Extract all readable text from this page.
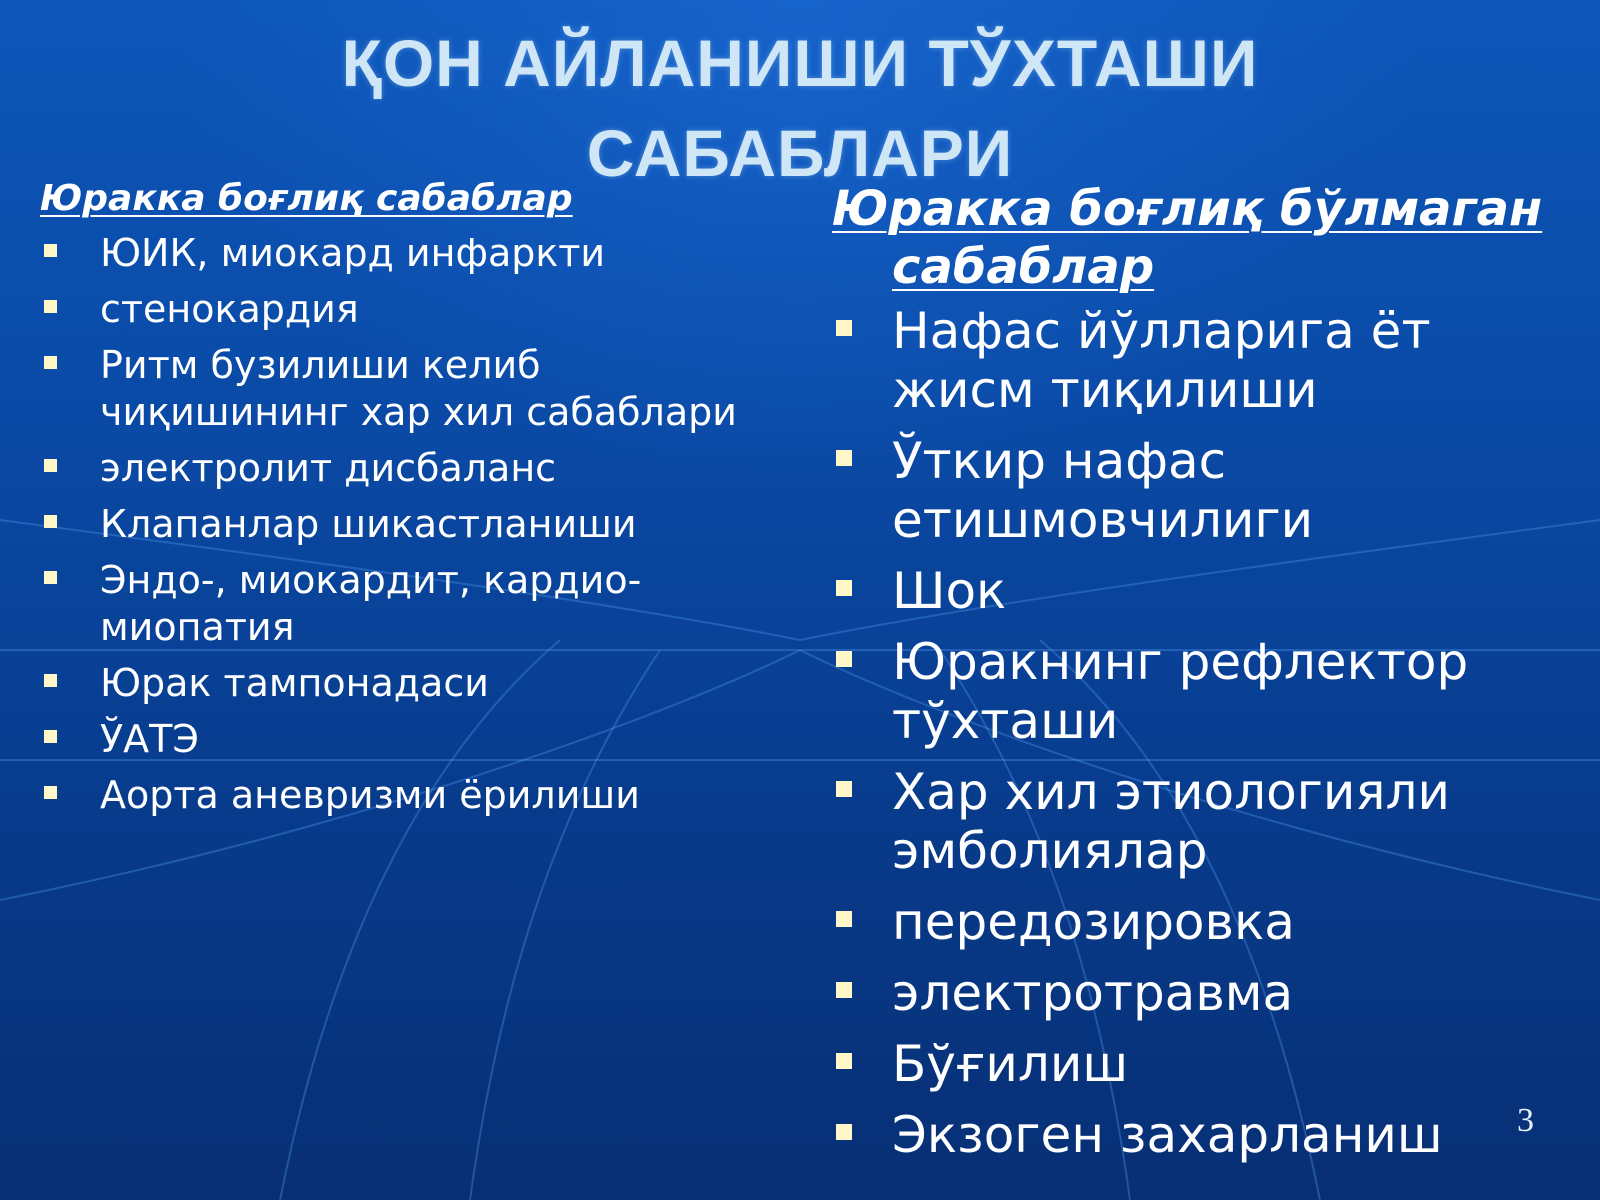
ҚОН АЙЛАНИШИ ТЎХТАШИ
САБАБЛАРИ
Юракка боғлиқ сабаблар
ЮИК, миокард инфаркти
стенокардия
Ритм бузилиши келиб чиқишининг хар хил сабаблари
электролит дисбаланс
Клапанлар шикастланиши
Эндо-, миокардит, кардио-миопатия
Юрак тампонадаси
ЎАТЭ
Аорта аневризми ёрилиши
Юракка боғлиқ бўлмаган сабаблар
Нафас йўлларига ёт жисм тиқилиши
Ўткир нафас етишмовчилиги
Шок
Юракнинг рефлектор тўхташи
Хар хил этиологияли эмболиялар
передозировка
электротравма
Бўғилиш
Экзоген захарланиш	3
